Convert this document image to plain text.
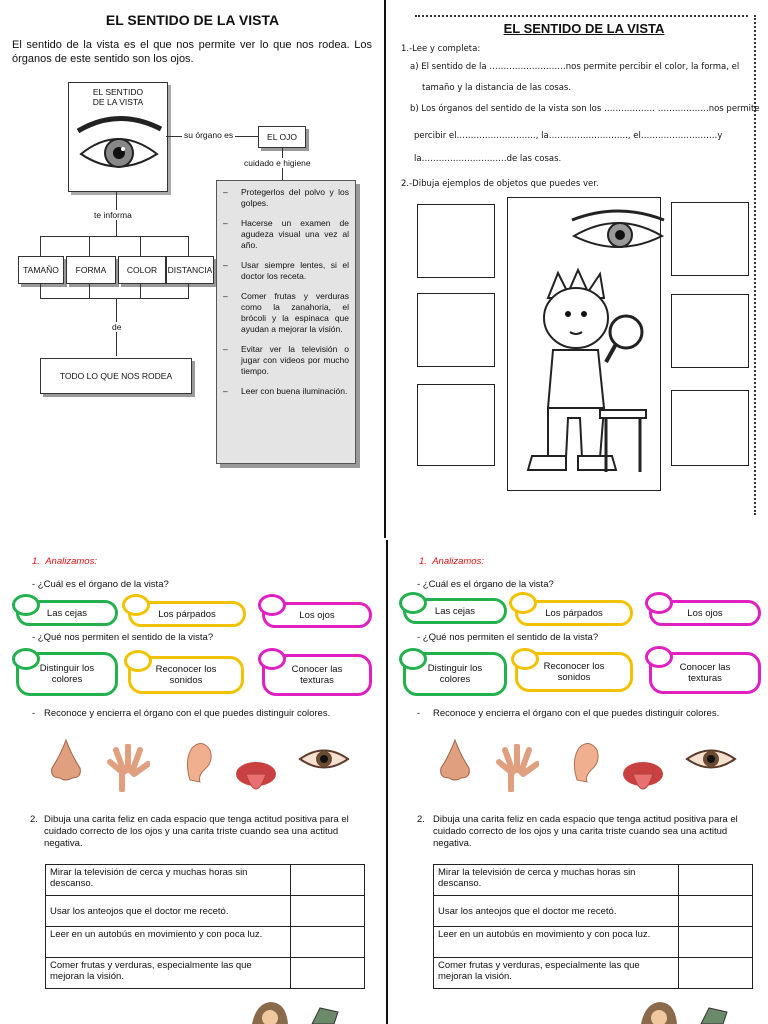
EL SENTIDO DE LA VISTA
El sentido de la vista es el que nos permite ver lo que nos rodea. Los órganos de este sentido son los ojos.
EL SENTIDO
DE LA VISTA
su órgano es	EL OJO
cuidado e higiene
te informa
TAMAÑO	FORMA	COLOR	DISTANCIA
de
TODO LO QUE NOS RODEA
–	Protegerlos del polvo y los golpes.
–	Hacerse un examen de agudeza visual una vez al año.
–	Usar siempre lentes, si el doctor los receta.
–	Comer frutas y verduras como la zanahoria, el brócoli y la espinaca que ayudan a mejorar la visión.
–	Evitar ver la televisión o jugar con videos por mucho tiempo.
–	Leer con buena iluminación.
EL SENTIDO DE LA VISTA
1.-Lee y completa:
a) El sentido de la ………………………nos permite percibir el color, la forma, el
tamaño y la distancia de las cosas.
b) Los órganos del sentido de la vista son los ……………… ………………nos permite
percibir el………………………., la………………………., el………………………y
la…………………………de las cosas.
2.-Dibuja ejemplos de objetos que puedes ver.
1. Analizamos:
- ¿Cuál es el órgano de la vista?
Las cejas	Los párpados	Los ojos
- ¿Qué nos permiten el sentido de la vista?
Distinguir los colores
Reconocer los sonidos
Conocer las texturas
- Reconoce y encierra el órgano con el que puedes distinguir colores.
2. Dibuja una carita feliz en cada espacio que tenga actitud positiva para el cuidado correcto de los ojos y una carita triste cuando sea una actitud negativa.
Mirar la televisión de cerca y muchas horas sin descanso.	
Usar los anteojos que el doctor me recetó.	
Leer en un autobús en movimiento y con poca luz.	
Comer frutas y verduras, especialmente las que mejoran la visión.	
1. Analizamos:
- ¿Cuál es el órgano de la vista?
Las cejas	Los párpados	Los ojos
- ¿Qué nos permiten el sentido de la vista?
Distinguir los colores
Reconocer los sonidos
Conocer las texturas
- Reconoce y encierra el órgano con el que puedes distinguir colores.
2. Dibuja una carita feliz en cada espacio que tenga actitud positiva para el cuidado correcto de los ojos y una carita triste cuando sea una actitud negativa.
Mirar la televisión de cerca y muchas horas sin descanso.	
Usar los anteojos que el doctor me recetó.	
Leer en un autobús en movimiento y con poca luz.	
Comer frutas y verduras, especialmente las que mejoran la visión.	
